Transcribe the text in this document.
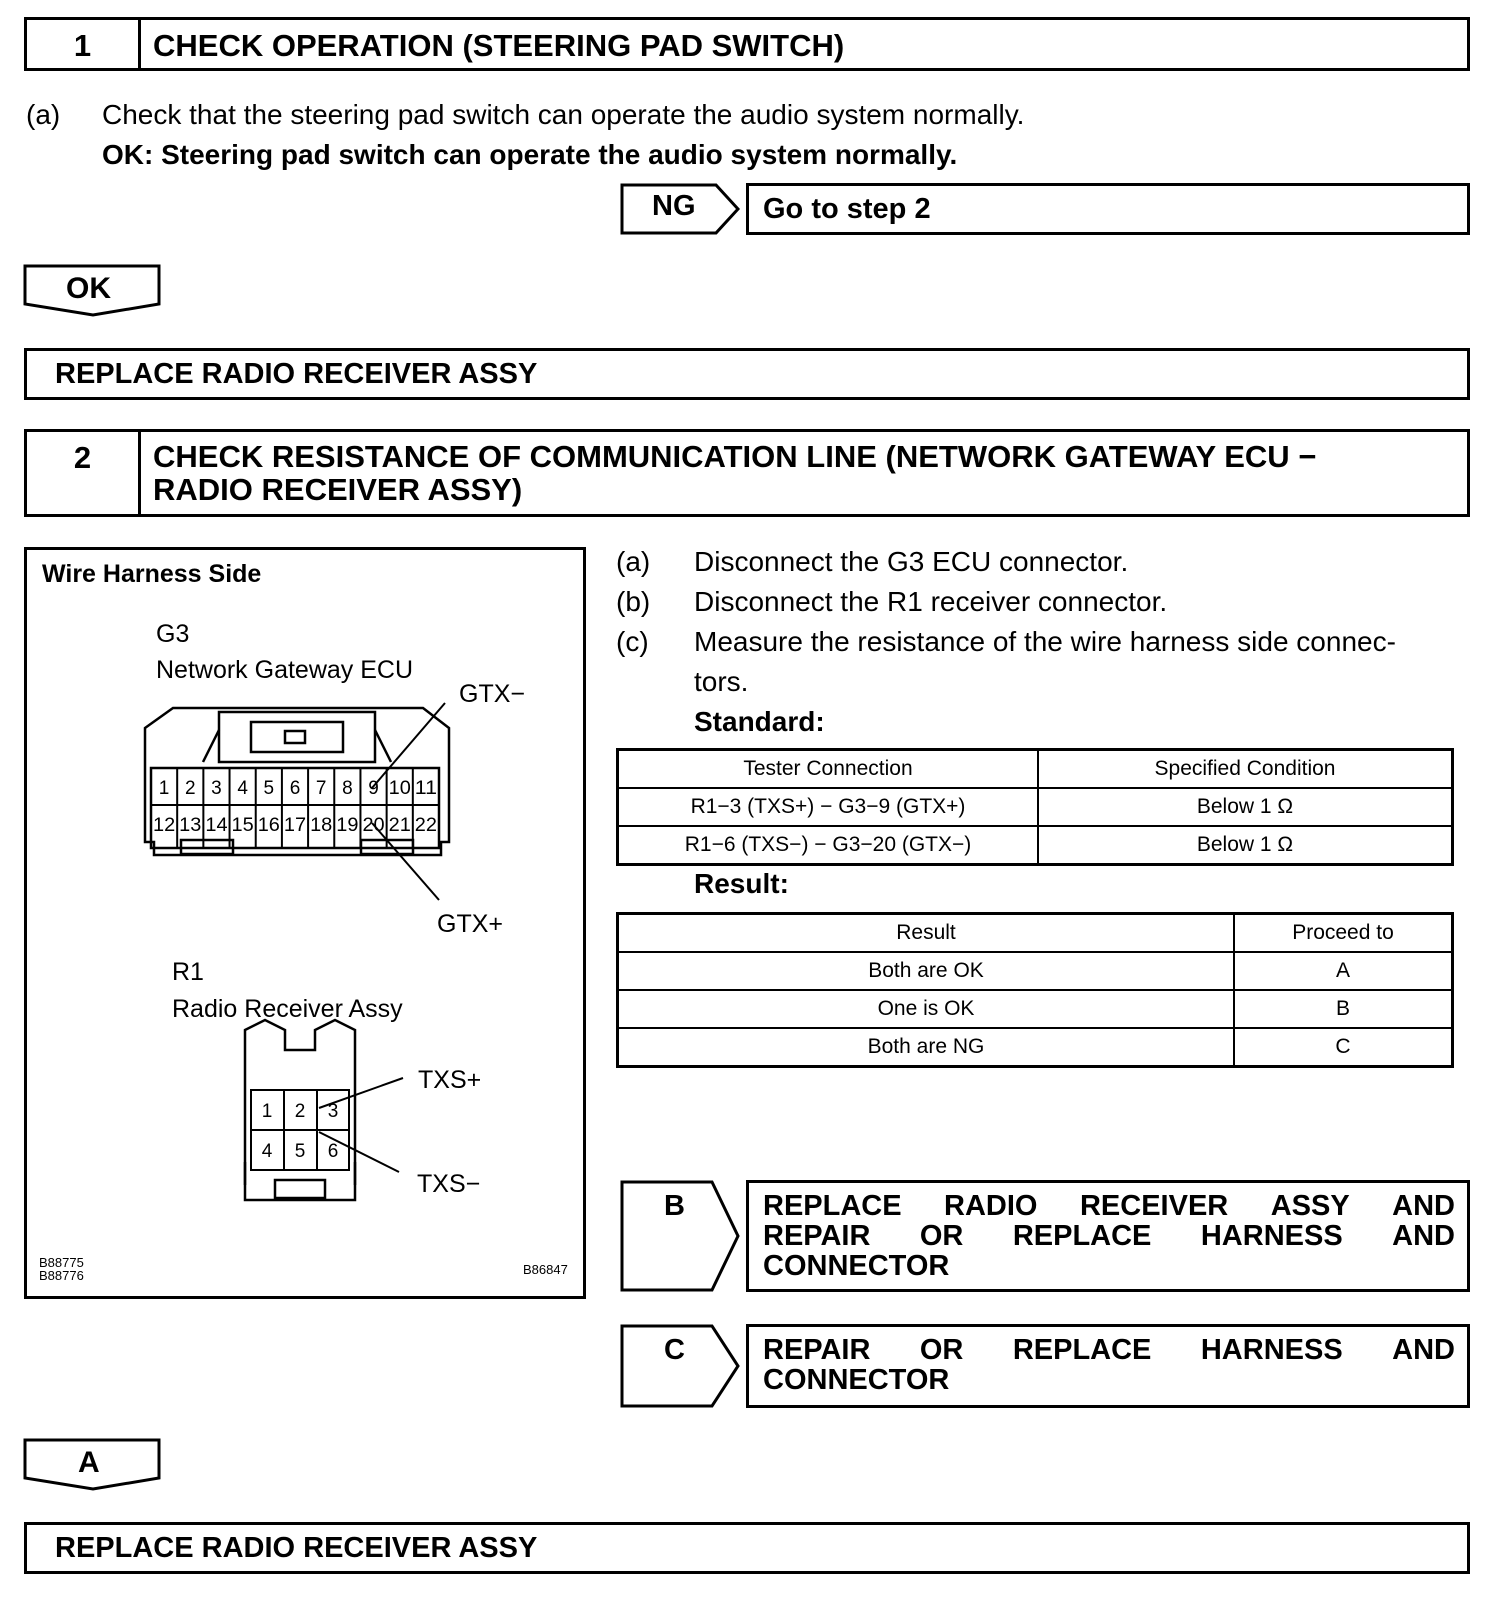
1	CHECK OPERATION (STEERING PAD SWITCH)
(a) Check that the steering pad switch can operate the audio system normally.
OK: Steering pad switch can operate the audio system normally.
NG Go to step 2
OK
REPLACE RADIO RECEIVER ASSY
2	CHECK RESISTANCE OF COMMUNICATION LINE (NETWORK GATEWAY ECU −
RADIO RECEIVER ASSY)
Wire Harness Side
G3
Network Gateway ECU
GTX−
GTX+
R1
Radio Receiver Assy
TXS+
TXS−
B88775
B88776	B86847
1 2 3 4 5 6 7 8 9 10 11
12 13 14 15 16 17 18 19 20 21 22
1 2 3
4 5 6
(a) Disconnect the G3 ECU connector.
(b) Disconnect the R1 receiver connector.
(c) Measure the resistance of the wire harness side connec-
tors.
Standard:
Tester Connection	Specified Condition
R1−3 (TXS+) − G3−9 (GTX+)	Below 1 Ω
R1−6 (TXS−) − G3−20 (GTX−)	Below 1 Ω
Result:
Result	Proceed to
Both are OK	A
One is OK	B
Both are NG	C
B	REPLACE RADIO RECEIVER ASSY AND
REPAIR OR REPLACE HARNESS AND
CONNECTOR
C	REPAIR OR REPLACE HARNESS AND
CONNECTOR
A
REPLACE RADIO RECEIVER ASSY
